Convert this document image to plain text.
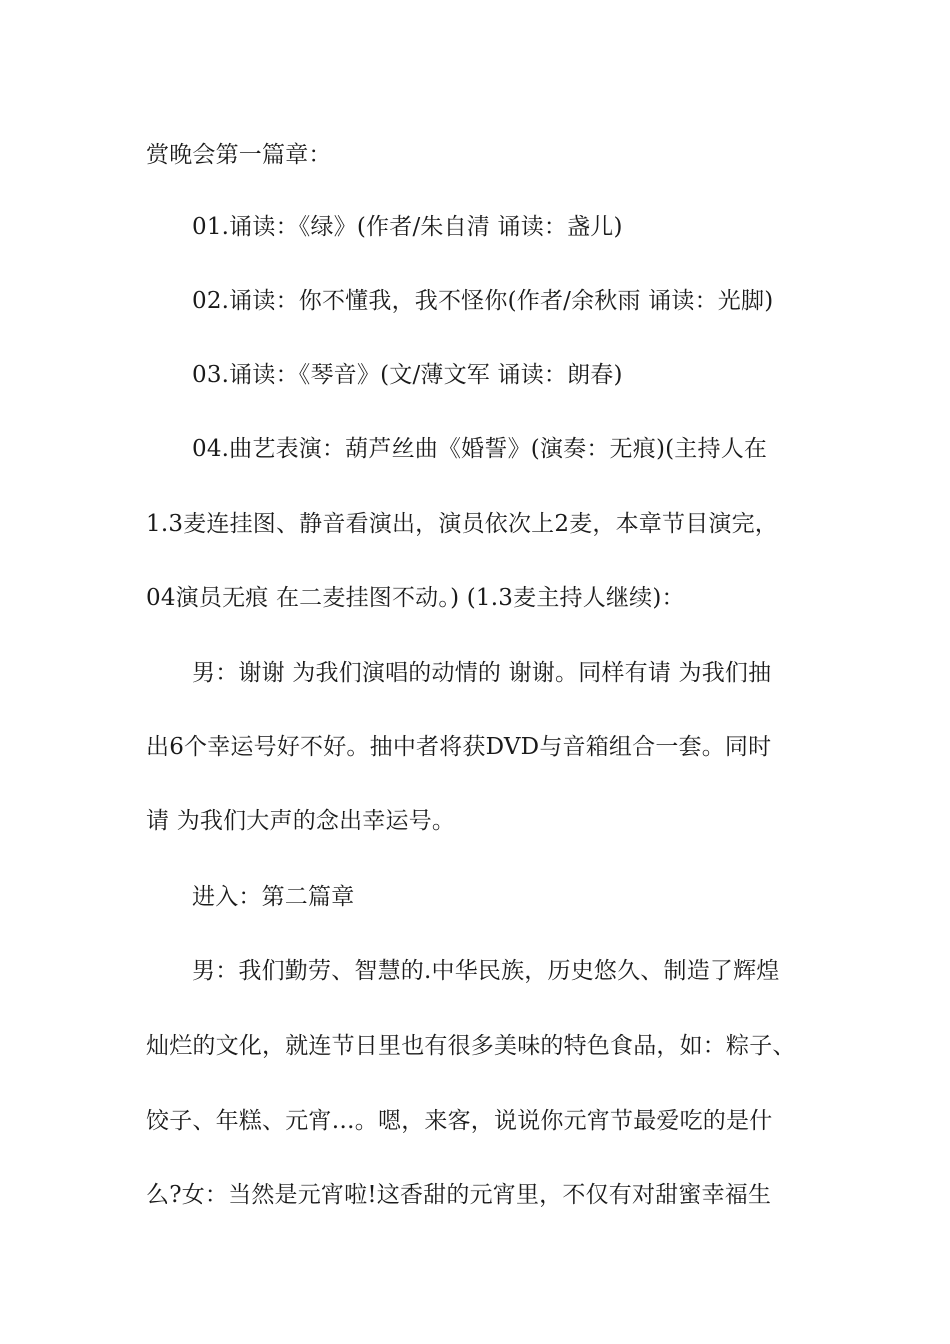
赏晚会第一篇章：
01.诵读：《绿》(作者/朱自清 诵读：盏儿)
02.诵读：你不懂我，我不怪你(作者/余秋雨 诵读：光脚)
03.诵读：《琴音》(文/薄文军 诵读：朗春)
04.曲艺表演：葫芦丝曲《婚誓》(演奏：无痕)(主持人在
1.3麦连挂图、静音看演出，演员依次上2麦，本章节目演完，
04演员无痕 在二麦挂图不动。) (1.3麦主持人继续)：
男：谢谢 为我们演唱的动情的 谢谢。同样有请 为我们抽
出6个幸运号好不好。抽中者将获DVD与音箱组合一套。同时
请 为我们大声的念出幸运号。
进入：第二篇章
男：我们勤劳、智慧的.中华民族，历史悠久、制造了辉煌
灿烂的文化，就连节日里也有很多美味的特色食品，如：粽子、
饺子、年糕、元宵…。嗯，来客，说说你元宵节最爱吃的是什
么?女：当然是元宵啦!这香甜的元宵里，不仅有对甜蜜幸福生
